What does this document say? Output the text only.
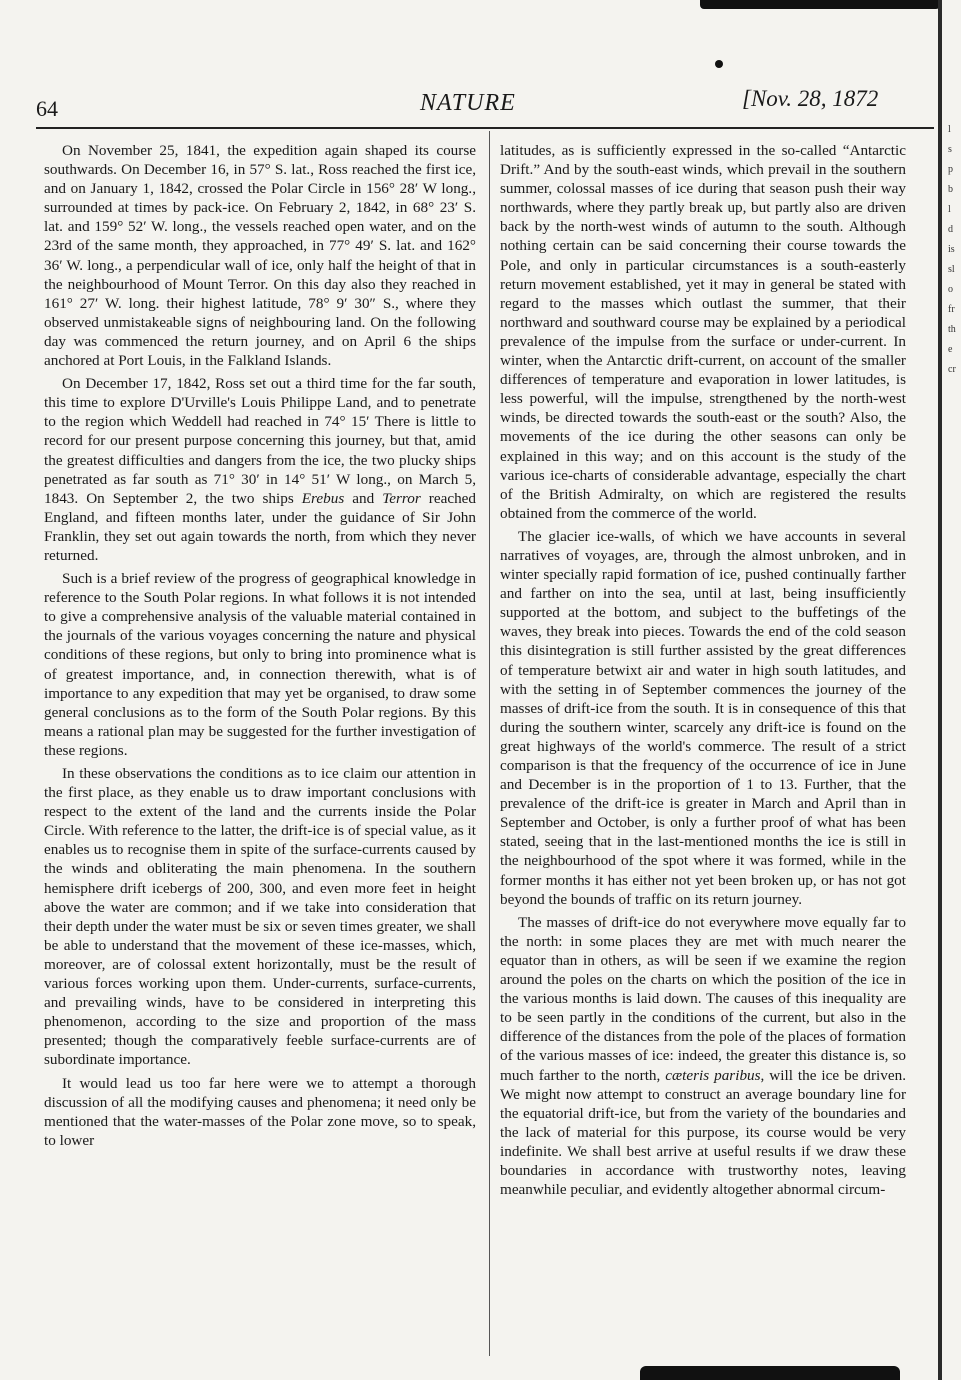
64	NATURE	[Nov. 28, 1872

On November 25, 1841, the expedition again shaped its course southwards. On December 16, in 57° S. lat., Ross reached the first ice, and on January 1, 1842, crossed the Polar Circle in 156° 28′ W long., surrounded at times by pack-ice. On February 2, 1842, in 68° 23′ S. lat. and 159° 52′ W. long., the vessels reached open water, and on the 23rd of the same month, they approached, in 77° 49′ S. lat. and 162° 36′ W. long., a perpendicular wall of ice, only half the height of that in the neighbourhood of Mount Terror. On this day also they reached in 161° 27′ W. long. their highest latitude, 78° 9′ 30″ S., where they observed unmistakeable signs of neighbouring land. On the following day was commenced the return journey, and on April 6 the ships anchored at Port Louis, in the Falkland Islands.

On December 17, 1842, Ross set out a third time for the far south, this time to explore D'Urville's Louis Philippe Land, and to penetrate to the region which Weddell had reached in 74° 15′ There is little to record for our present purpose concerning this journey, but that, amid the greatest difficulties and dangers from the ice, the two plucky ships penetrated as far south as 71° 30′ in 14° 51′ W long., on March 5, 1843. On September 2, the two ships Erebus and Terror reached England, and fifteen months later, under the guidance of Sir John Franklin, they set out again towards the north, from which they never returned.

Such is a brief review of the progress of geographical knowledge in reference to the South Polar regions. In what follows it is not intended to give a comprehensive analysis of the valuable material contained in the journals of the various voyages concerning the nature and physical conditions of these regions, but only to bring into prominence what is of greatest importance, and, in connection therewith, what is of importance to any expedition that may yet be organised, to draw some general conclusions as to the form of the South Polar regions. By this means a rational plan may be suggested for the further investigation of these regions.

In these observations the conditions as to ice claim our attention in the first place, as they enable us to draw important conclusions with respect to the extent of the land and the currents inside the Polar Circle. With reference to the latter, the drift-ice is of special value, as it enables us to recognise them in spite of the surface-currents caused by the winds and obliterating the main phenomena. In the southern hemisphere drift icebergs of 200, 300, and even more feet in height above the water are common; and if we take into consideration that their depth under the water must be six or seven times greater, we shall be able to understand that the movement of these ice-masses, which, moreover, are of colossal extent horizontally, must be the result of various forces working upon them. Under-currents, surface-currents, and prevailing winds, have to be considered in interpreting this phenomenon, according to the size and proportion of the mass presented; though the comparatively feeble surface-currents are of subordinate importance.

It would lead us too far here were we to attempt a thorough discussion of all the modifying causes and phenomena; it need only be mentioned that the water-masses of the Polar zone move, so to speak, to lower

latitudes, as is sufficiently expressed in the so-called “Antarctic Drift.” And by the south-east winds, which prevail in the southern summer, colossal masses of ice during that season push their way northwards, where they partly break up, but partly also are driven back by the north-west winds of autumn to the south. Although nothing certain can be said concerning their course towards the Pole, and only in particular circumstances is a south-easterly return movement established, yet it may in general be stated with regard to the masses which outlast the summer, that their northward and southward course may be explained by a periodical prevalence of the impulse from the surface or under-current. In winter, when the Antarctic drift-current, on account of the smaller differences of temperature and evaporation in lower latitudes, is less powerful, will the impulse, strengthened by the north-west winds, be directed towards the south-east or the south? Also, the movements of the ice during the other seasons can only be explained in this way; and on this account is the study of the various ice-charts of considerable advantage, especially the chart of the British Admiralty, on which are registered the results obtained from the commerce of the world.

The glacier ice-walls, of which we have accounts in several narratives of voyages, are, through the almost unbroken, and in winter specially rapid formation of ice, pushed continually farther and farther on into the sea, until at last, being insufficiently supported at the bottom, and subject to the buffetings of the waves, they break into pieces. Towards the end of the cold season this disintegration is still further assisted by the great differences of temperature betwixt air and water in high south latitudes, and with the setting in of September commences the journey of the masses of drift-ice from the south. It is in consequence of this that during the southern winter, scarcely any drift-ice is found on the great highways of the world's commerce. The result of a strict comparison is that the frequency of the occurrence of ice in June and December is in the proportion of 1 to 13. Further, that the prevalence of the drift-ice is greater in March and April than in September and October, is only a further proof of what has been stated, seeing that in the last-mentioned months the ice is still in the neighbourhood of the spot where it was formed, while in the former months it has either not yet been broken up, or has not got beyond the bounds of traffic on its return journey.

The masses of drift-ice do not everywhere move equally far to the north: in some places they are met with much nearer the equator than in others, as will be seen if we examine the region around the poles on the charts on which the position of the ice in the various months is laid down. The causes of this inequality are to be seen partly in the conditions of the current, but also in the difference of the distances from the pole of the places of formation of the various masses of ice: indeed, the greater this distance is, so much farther to the north, cæteris paribus, will the ice be driven. We might now attempt to construct an average boundary line for the equatorial drift-ice, but from the variety of the boundaries and the lack of material for this purpose, its course would be very indefinite. We shall best arrive at useful results if we draw these boundaries in accordance with trustworthy notes, leaving meanwhile peculiar, and evidently altogether abnormal circum-

l
s
p
b
l
d
is
sl
o
fr
th
e
cr
